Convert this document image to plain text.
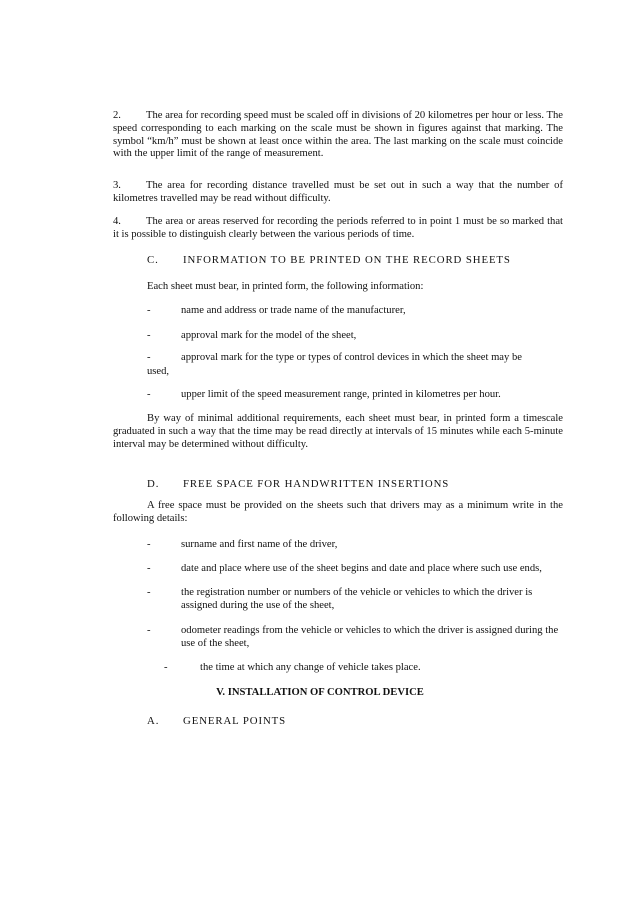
2. The area for recording speed must be scaled off in divisions of 20 kilometres per hour or less. The speed corresponding to each marking on the scale must be shown in figures against that marking. The symbol “km/h” must be shown at least once within the area. The last marking on the scale must coincide with the upper limit of the range of measurement.

3. The area for recording distance travelled must be set out in such a way that the number of kilometres travelled may be read without difficulty.

4. The area or areas reserved for recording the periods referred to in point 1 must be so marked that it is possible to distinguish clearly between the various periods of time.

C. INFORMATION TO BE PRINTED ON THE RECORD SHEETS

Each sheet must bear, in printed form, the following information:

-	name and address or trade name of the manufacturer,

-	approval mark for the model of the sheet,

-	approval mark for the type or types of control devices in which the sheet may be

used,

-	upper limit of the speed measurement range, printed in kilometres per hour.

By way of minimal additional requirements, each sheet must bear, in printed form a timescale graduated in such a way that the time may be read directly at intervals of 15 minutes while each 5-minute interval may be determined without difficulty.

D. FREE SPACE FOR HANDWRITTEN INSERTIONS

A free space must be provided on the sheets such that drivers may as a minimum write in the following details:

-	surname and first name of the driver,

-	date and place where use of the sheet begins and date and place where such use ends,

-	the registration number or numbers of the vehicle or vehicles to which the driver is assigned during the use of the sheet,

-	odometer readings from the vehicle or vehicles to which the driver is assigned during the use of the sheet,

-	the time at which any change of vehicle takes place.

V. INSTALLATION OF CONTROL DEVICE

A. GENERAL POINTS
